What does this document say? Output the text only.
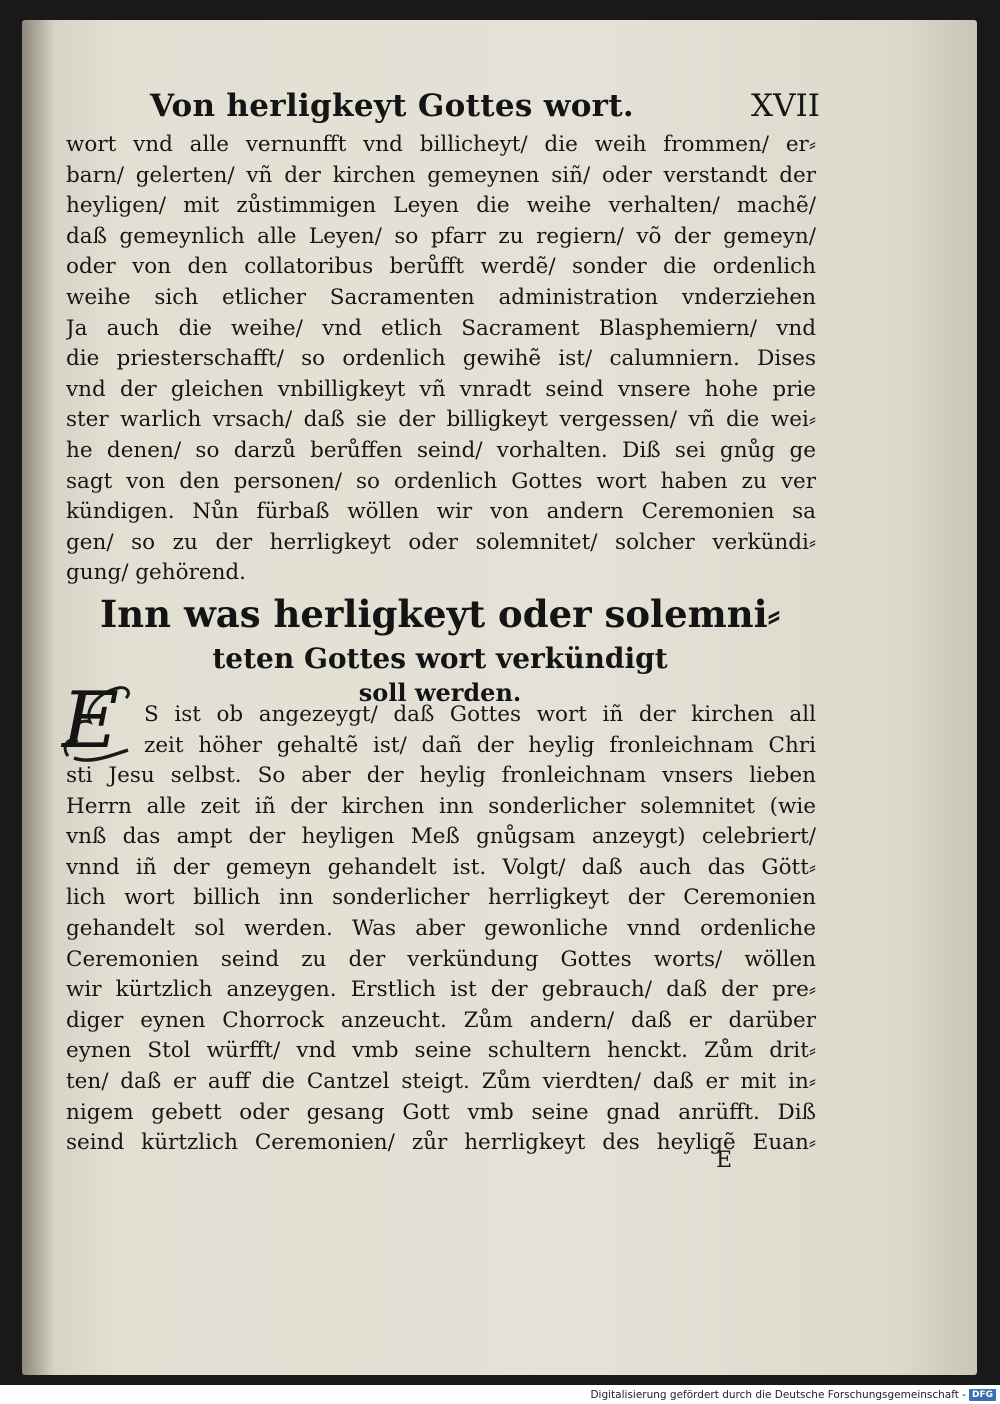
Von herligkeyt Gottes wort.	XVII
wort vnd alle vernunfft vnd billicheyt/ die weih frommen/ er⸗
barn/ gelerten/ vñ der kirchen gemeynen siñ/ oder verstandt der
heyligen/ mit zůstimmigen Leyen die weihe verhalten/ machẽ/
daß gemeynlich alle Leyen/ so pfarr zu regiern/ võ der gemeyn/
oder von den collatoribus berůfft werdẽ/ sonder die ordenlich
weihe sich etlicher Sacramenten administration vnderziehen
Ja auch die weihe/ vnd etlich Sacrament Blasphemiern/ vnd
die priesterschafft/ so ordenlich gewihẽ ist/ calumniern. Dises
vnd der gleichen vnbilligkeyt vñ vnradt seind vnsere hohe prie
ster warlich vrsach/ daß sie der billigkeyt vergessen/ vñ die wei⸗
he denen/ so darzů berůffen seind/ vorhalten. Diß sei gnůg ge
sagt von den personen/ so ordenlich Gottes wort haben zu ver
kündigen. Nůn fürbaß wöllen wir von andern Ceremonien sa
gen/ so zu der herrligkeyt oder solemnitet/ solcher verkündi⸗
gung/ gehörend.
Inn was herligkeyt oder solemni⸗
teten Gottes wort verkündigt
soll werden.
E	S ist ob angezeygt/ daß Gottes wort iñ der kirchen all
zeit höher gehaltẽ ist/ dañ der heylig fronleichnam Chri
sti Jesu selbst. So aber der heylig fronleichnam vnsers lieben
Herrn alle zeit iñ der kirchen inn sonderlicher solemnitet (wie
vnß das ampt der heyligen Meß gnůgsam anzeygt) celebriert/
vnnd iñ der gemeyn gehandelt ist. Volgt/ daß auch das Gött⸗
lich wort billich inn sonderlicher herrligkeyt der Ceremonien
gehandelt sol werden. Was aber gewonliche vnnd ordenliche
Ceremonien seind zu der verkündung Gottes worts/ wöllen
wir kürtzlich anzeygen. Erstlich ist der gebrauch/ daß der pre⸗
diger eynen Chorrock anzeucht. Zům andern/ daß er darüber
eynen Stol würfft/ vnd vmb seine schultern henckt. Zům drit⸗
ten/ daß er auff die Cantzel steigt. Zům vierdten/ daß er mit in⸗
nigem gebett oder gesang Gott vmb seine gnad anrüfft. Diß
seind kürtzlich Ceremonien/ zůr herrligkeyt des heyligẽ Euan⸗
E
Digitalisierung gefördert durch die Deutsche Forschungsgemeinschaft - DFG
